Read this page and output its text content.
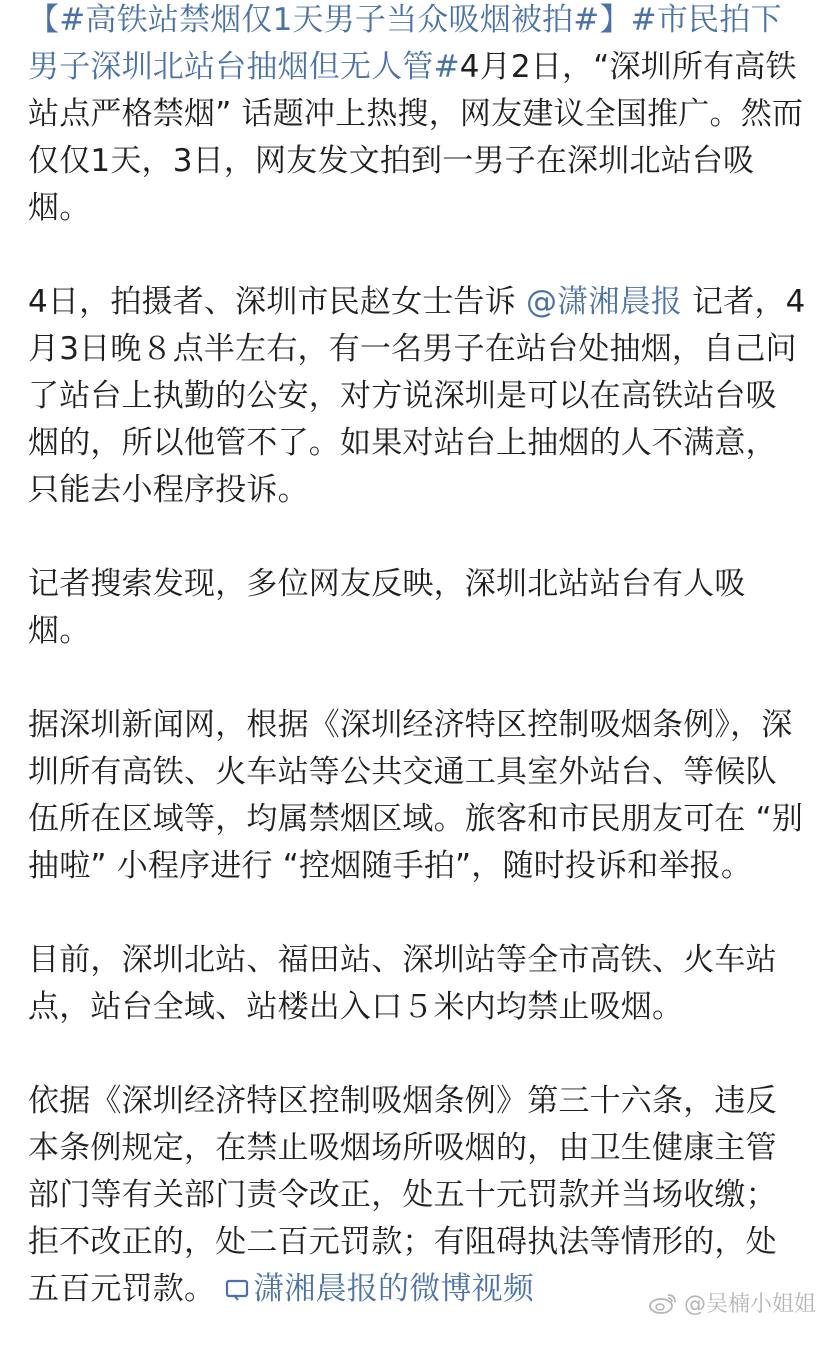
【#高铁站禁烟仅1天男子当众吸烟被拍#】#市民拍下男子深圳北站台抽烟但无人管#4月2日，“深圳所有高铁站点严格禁烟” 话题冲上热搜，网友建议全国推广。然而仅仅1天，3日，网友发文拍到一男子在深圳北站台吸烟。

4日，拍摄者、深圳市民赵女士告诉 @潇湘晨报 记者，4月3日晚８点半左右，有一名男子在站台处抽烟，自己问了站台上执勤的公安，对方说深圳是可以在高铁站台吸烟的，所以他管不了。如果对站台上抽烟的人不满意，只能去小程序投诉。

记者搜索发现，多位网友反映，深圳北站站台有人吸烟。

据深圳新闻网，根据《深圳经济特区控制吸烟条例》，深圳所有高铁、火车站等公共交通工具室外站台、等候队伍所在区域等，均属禁烟区域。旅客和市民朋友可在 “别抽啦” 小程序进行 “控烟随手拍”，随时投诉和举报。

目前，深圳北站、福田站、深圳站等全市高铁、火车站点，站台全域、站楼出入口５米内均禁止吸烟。

依据《深圳经济特区控制吸烟条例》第三十六条，违反本条例规定，在禁止吸烟场所吸烟的，由卫生健康主管部门等有关部门责令改正，处五十元罚款并当场收缴；拒不改正的，处二百元罚款；有阻碍执法等情形的，处五百元罚款。 潇湘晨报的微博视频	@吴楠小姐姐
